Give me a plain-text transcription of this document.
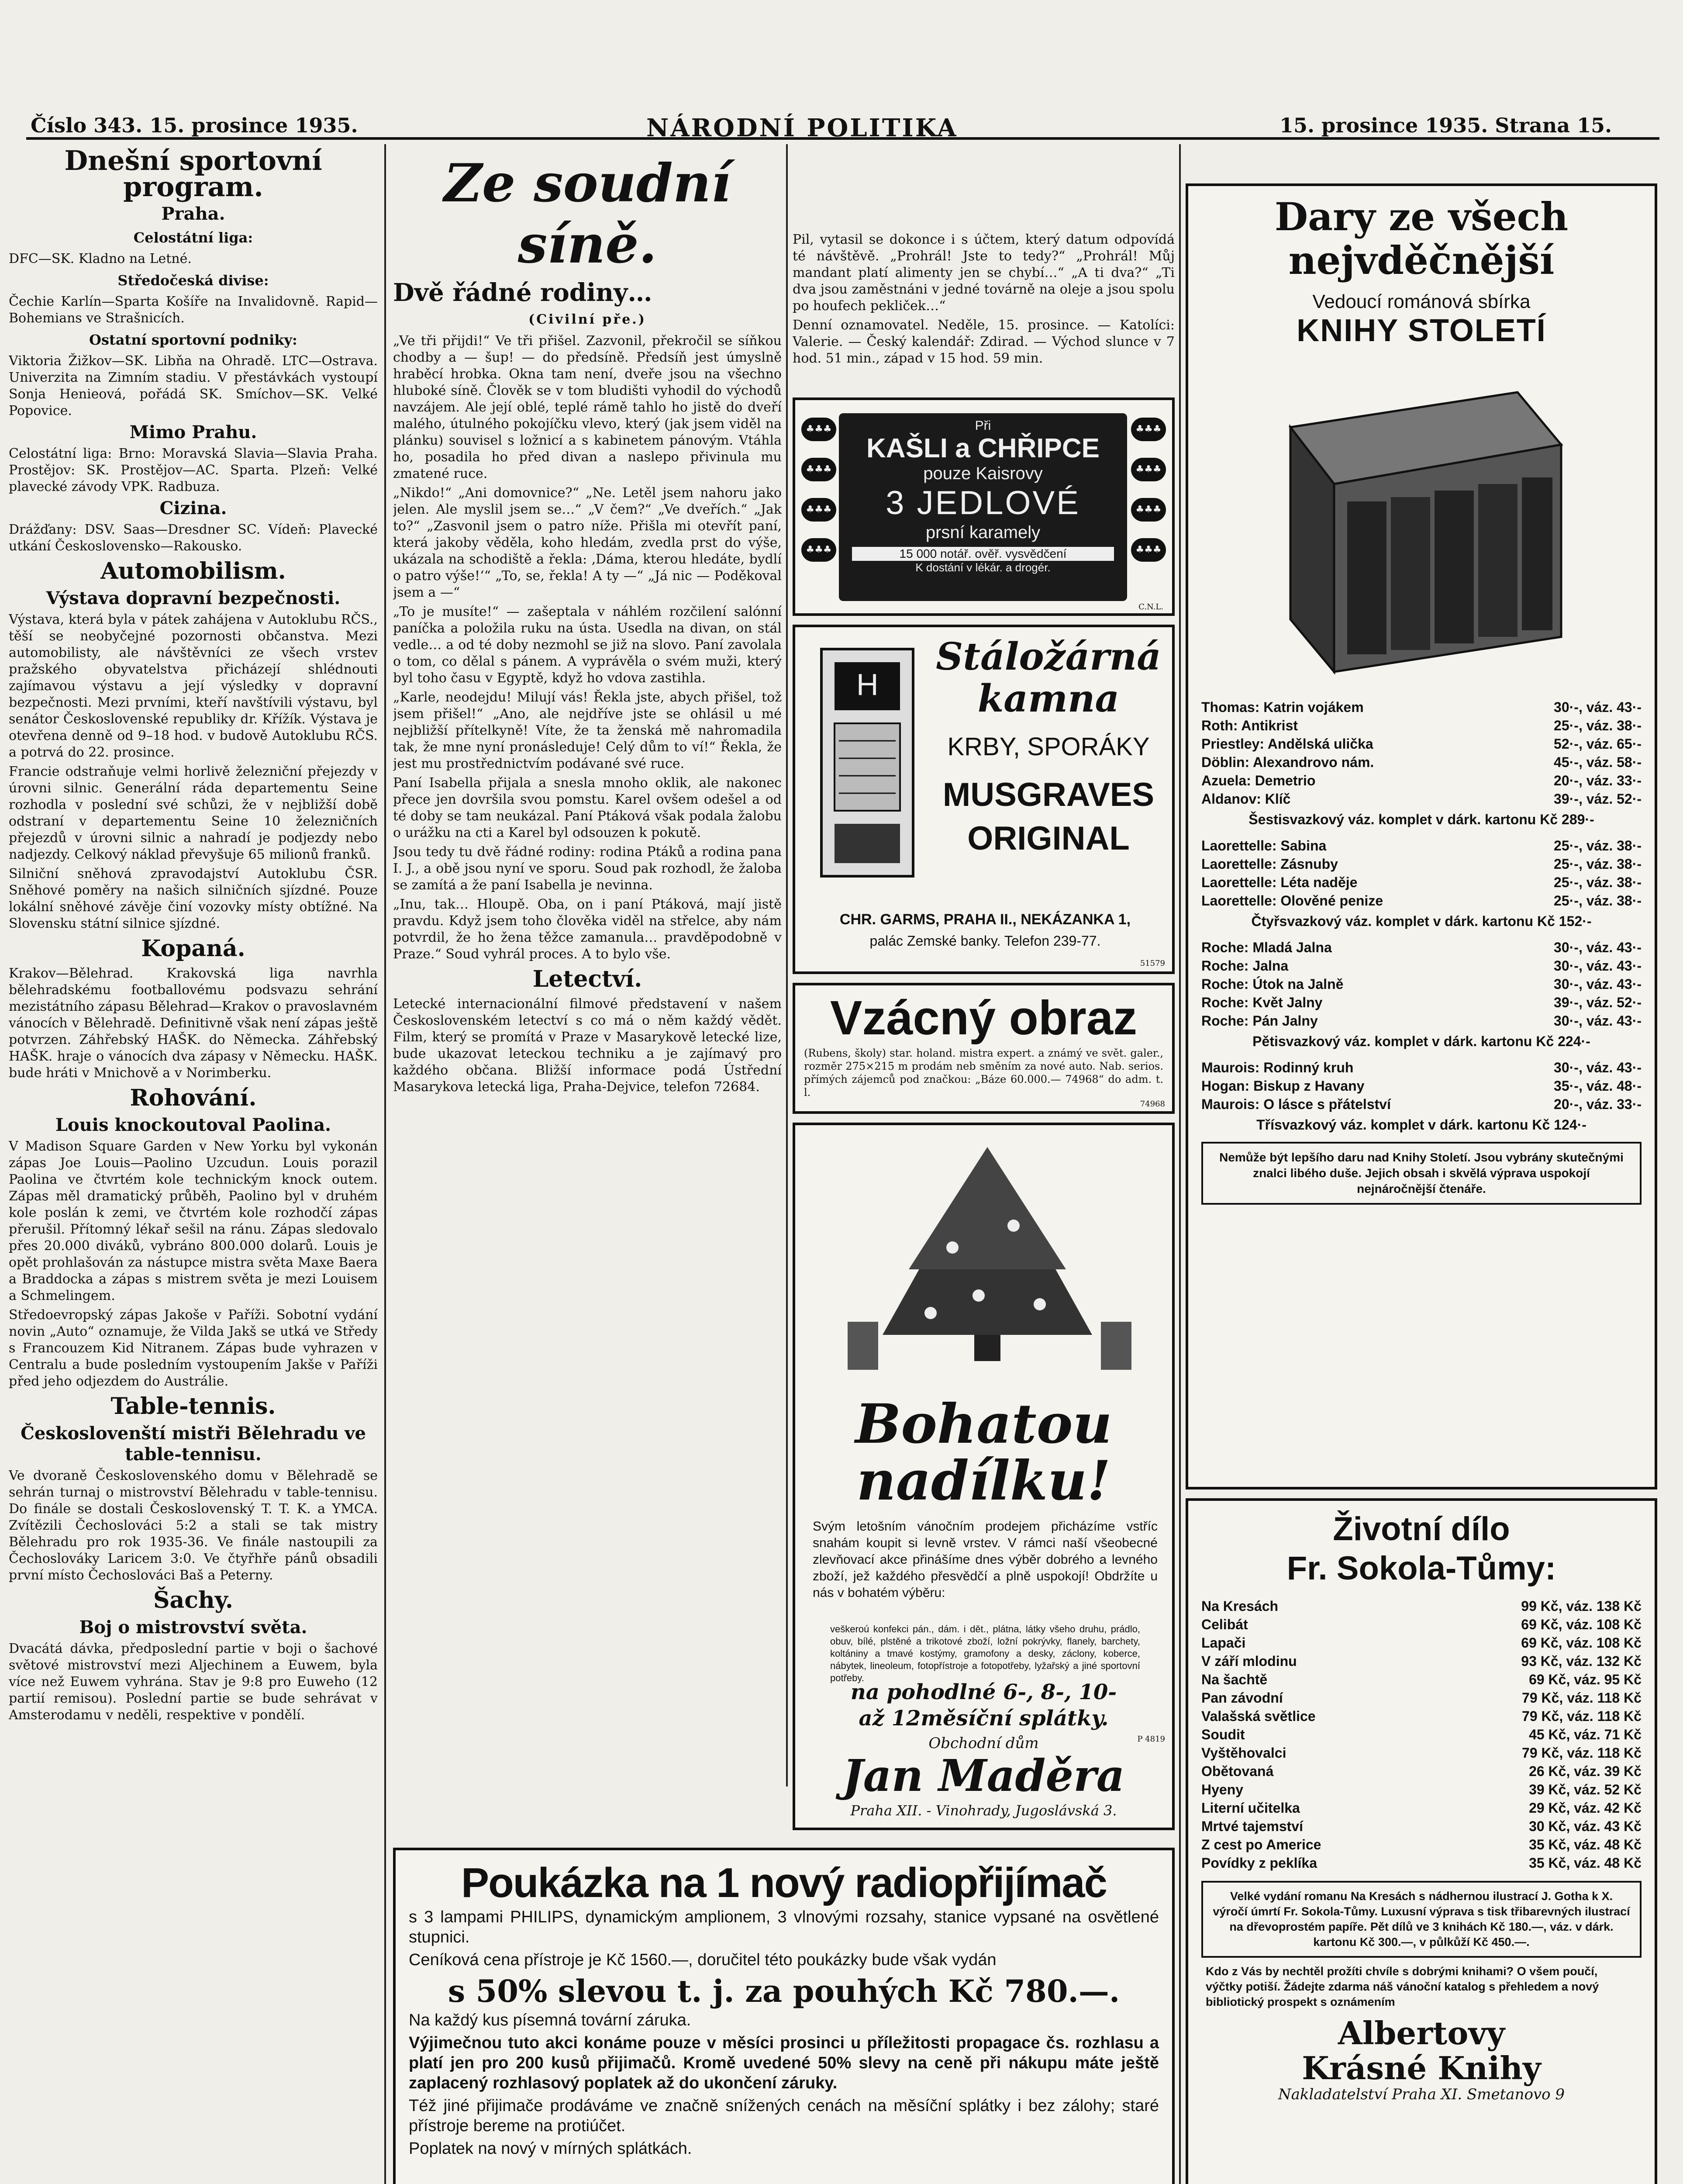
Číslo 343. 15. prosince 1935.	NÁRODNÍ POLITIKA	15. prosince 1935. Strana 15.
Dnešní sportovní program.
Praha.
Celostátní liga:

DFC—SK. Kladno na Letné.

Středočeská divise:

Čechie Karlín—Sparta Košíře na Invalidovně. Rapid—Bohemians ve Strašnicích.

Ostatní sportovní podniky:

Viktoria Žižkov—SK. Libňa na Ohradě. LTC—Ostrava. Univerzita na Zimním stadiu. V přestávkách vystoupí Sonja Henieová, pořádá SK. Smíchov—SK. Velké Popovice.

Mimo Prahu.

Celostátní liga: Brno: Moravská Slavia—Slavia Praha. Prostějov: SK. Prostějov—AC. Sparta. Plzeň: Velké plavecké závody VPK. Radbuza.

Cizina.

Drážďany: DSV. Saas—Dresdner SC. Vídeň: Plavecké utkání Československo—Rakousko.

Automobilism.
Výstava dopravní bezpečnosti.

Výstava, která byla v pátek zahájena v Autoklubu RČS., těší se neobyčejné pozornosti občanstva. Mezi automobilisty, ale návštěvníci ze všech vrstev pražského obyvatelstva přicházejí shlédnouti zajímavou výstavu a její výsledky v dopravní bezpečnosti. Mezi prvními, kteří navštívili výstavu, byl senátor Československé republiky dr. Křížík. Výstava je otevřena denně od 9–18 hod. v budově Autoklubu RČS. a potrvá do 22. prosince.

Francie odstraňuje velmi horlivě železniční přejezdy v úrovni silnic. Generální ráda departementu Seine rozhodla v poslední své schůzi, že v nejbližší době odstraní v departementu Seine 10 železničních přejezdů v úrovni silnic a nahradí je podjezdy nebo nadjezdy. Celkový náklad převyšuje 65 milionů franků.

Silniční sněhová zpravodajství Autoklubu ČSR. Sněhové poměry na našich silničních sjízdné. Pouze lokální sněhové závěje činí vozovky místy obtížné. Na Slovensku státní silnice sjízdné.

Kopaná.

Krakov—Bělehrad. Krakovská liga navrhla bělehradskému footballovému podsvazu sehrání mezistátního zápasu Bělehrad—Krakov o pravoslavném vánocích v Bělehradě. Definitivně však není zápas ještě potvrzen. Záhřebský HAŠK. do Německa. Záhřebský HAŠK. hraje o vánocích dva zápasy v Německu. HAŠK. bude hráti v Mnichově a v Norimberku.

Rohování.
Louis knockoutoval Paolina.

V Madison Square Garden v New Yorku byl vykonán zápas Joe Louis—Paolino Uzcudun. Louis porazil Paolina ve čtvrtém kole technickým knock outem. Zápas měl dramatický průběh, Paolino byl v druhém kole poslán k zemi, ve čtvrtém kole rozhodčí zápas přerušil. Přítomný lékař sešil na ránu. Zápas sledovalo přes 20.000 diváků, vybráno 800.000 dolarů. Louis je opět prohlašován za nástupce mistra světa Maxe Baera a Braddocka a zápas s mistrem světa je mezi Louisem a Schmelingem.

Středoevropský zápas Jakoše v Paříži. Sobotní vydání novin „Auto“ oznamuje, že Vilda Jakš se utká ve Středy s Francouzem Kid Nitranem. Zápas bude vyhrazen v Centralu a bude posledním vystoupením Jakše v Paříži před jeho odjezdem do Austrálie.

Table-tennis.
Českoslovenští mistři Bělehradu ve table-tennisu.

Ve dvoraně Československého domu v Bělehradě se sehrán turnaj o mistrovství Bělehradu v table-tennisu. Do finále se dostali Československý T. T. K. a YMCA. Zvítězili Čechoslováci 5:2 a stali se tak mistry Bělehradu pro rok 1935-36. Ve finále nastoupili za Čechoslováky Laricem 3:0. Ve čtyřhře pánů obsadili první místo Čechoslováci Baš a Peterny.

Šachy.
Boj o mistrovství světa.

Dvacátá dávka, předposlední partie v boji o šachové světové mistrovství mezi Aljechinem a Euwem, byla více než Euwem vyhrána. Stav je 9:8 pro Euweho (12 partií remisou). Poslední partie se bude sehrávat v Amsterodamu v neděli, respektive v pondělí.

Ze soudní síně.
Dvě řádné rodiny…
(Civilní pře.)

„Ve tři přijdi!“ Ve tři přišel. Zazvonil, překročil se síňkou chodby a — šup! — do předsíně. Předsíň jest úmyslně hraběcí hrobka. Okna tam není, dveře jsou na všechno hluboké síně. Člověk se v tom bludišti vyhodil do východů navzájem. Ale její oblé, teplé rámě tahlo ho jistě do dveří malého, útulného pokojíčku vlevo, který (jak jsem viděl na plánku) souvisel s ložnicí a s kabinetem pánovým. Vtáhla ho, posadila ho před divan a naslepo přivinula mu zmatené ruce.

„Nikdo!“ „Ani domovnice?“ „Ne. Letěl jsem nahoru jako jelen. Ale myslil jsem se…“ „V čem?“ „Ve dveřích.“ „Jak to?“ „Zasvonil jsem o patro níže. Přišla mi otevřít paní, která jakoby věděla, koho hledám, zvedla prst do výše, ukázala na schodiště a řekla: ‚Dáma, kterou hledáte, bydlí o patro výše!‘“ „To, se, řekla! A ty —“ „Já nic — Poděkoval jsem a —“

„To je musíte!“ — zašeptala v náhlém rozčilení salónní paníčka a položila ruku na ústa. Usedla na divan, on stál vedle… a od té doby nezmohl se již na slovo. Paní zavolala o tom, co dělal s pánem. A vyprávěla o svém muži, který byl toho času v Egyptě, když ho vdova zastihla.

„Karle, neodejdu! Milují vás! Řekla jste, abych přišel, tož jsem přišel!“ „Ano, ale nejdříve jste se ohlásil u mé nejbližší přítelkyně! Víte, že ta ženská mě nahromadila tak, že mne nyní pronásleduje! Celý dům to ví!“ Řekla, že jest mu prostřednictvím podávané své ruce.

Paní Isabella přijala a snesla mnoho oklik, ale nakonec přece jen dovršila svou pomstu. Karel ovšem odešel a od té doby se tam neukázal. Paní Ptáková však podala žalobu o urážku na cti a Karel byl odsouzen k pokutě.

Jsou tedy tu dvě řádné rodiny: rodina Ptáků a rodina pana I. J., a obě jsou nyní ve sporu. Soud pak rozhodl, že žaloba se zamítá a že paní Isabella je nevinna.

„Inu, tak… Hloupě. Oba, on i paní Ptáková, mají jistě pravdu. Když jsem toho člověka viděl na střelce, aby nám potvrdil, že ho žena těžce zamanula… pravděpodobně v Praze.“ Soud vyhrál proces. A to bylo vše.

Letectví.

Letecké internacionální filmové představení v našem Československém letectví s co má o něm každý vědět. Film, který se promítá v Praze v Masarykově letecké lize, bude ukazovat leteckou techniku a je zajímavý pro každého občana. Bližší informace podá Ústřední Masarykova letecká liga, Praha-Dejvice, telefon 72684.

Pil, vytasil se dokonce i s účtem, který datum odpovídá té návštěvě. „Prohrál! Jste to tedy?“ „Prohrál! Můj mandant platí alimenty jen se chybí…“ „A ti dva?“ „Ti dva jsou zaměstnáni v jedné továrně na oleje a jsou spolu po houfech pekliček…“

Denní oznamovatel. Neděle, 15. prosince. — Katolíci: Valerie. — Český kalendář: Zdirad. — Východ slunce v 7 hod. 51 min., západ v 15 hod. 59 min.

Při
KAŠLI a CHŘIPCE
pouze Kaisrovy
3 JEDLOVÉ
prsní karamely
15 000 notář. ověř. vysvědčení
K dostání v lékár. a drogér.
♣♣♣
♣♣♣
♣♣♣
♣♣♣
♣♣♣
♣♣♣
♣♣♣
♣♣♣
C.N.L.
H
Stáložárná kamna
KRBY, SPORÁKY
MUSGRAVES
ORIGINAL
CHR. GARMS, PRAHA II., NEKÁZANKA 1,
palác Zemské banky. Telefon 239-77.
51579
Vzácný obraz

(Rubens, školy) star. holand. mistra expert. a známý ve svět. galer., rozměr 275×215 m prodám neb směním za nové auto. Nab. serios. přímých zájemců pod značkou: „Báze 60.000.— 74968“ do adm. t. l.

74968
Bohatou
nadílku!
Svým letošním vánočním prodejem přicházíme vstříc snahám koupit si levně vrstev. V rámci naší všeobecné zlevňovací akce přinášíme dnes výběr dobrého a levného zboží, jež každého přesvědčí a plně uspokojí! Obdržíte u nás v bohatém výběru:
veškeroú konfekci pán., dám. i dět., plátna, látky všeho druhu, prádlo, obuv, bílé, plstěné a trikotové zboží, ložní pokrývky, flanely, barchety, koltániny a tmavé kostýmy, gramofony a desky, záclony, koberce, nábytek, lineoleum, fotopřístroje a fotopotřeby, lyžařský a jiné sportovní potřeby.
na pohodlné 6-, 8-, 10-
až 12měsíční splátky.
Obchodní dům
Jan Maděra
Praha XII. - Vinohrady, Jugoslávská 3.
P 4819
Poukázka na 1 nový radiopřijímač

s 3 lampami PHILIPS, dynamickým amplionem, 3 vlnovými rozsahy, stanice vypsané na osvětlené stupnici.

Ceníková cena přístroje je Kč 1560.—, doručitel této poukázky bude však vydán

s 50% slevou t. j. za pouhých Kč 780.—.

Na každý kus písemná tovární záruka.

Výjimečnou tuto akci konáme pouze v měsíci prosinci u příležitosti propagace čs. rozhlasu a platí jen pro 200 kusů přijimačů. Kromě uvedené 50% slevy na ceně při nákupu máte ještě zaplacený rozhlasový poplatek až do ukončení záruky.

Též jiné přijimače prodáváme ve značně snížených cenách na měsíční splátky i bez zálohy; staré přístroje bereme na protiúčet.

Poplatek na nový v mírných splátkách.

Dary ze všech
nejvděčnější
Vedoucí románová sbírka
KNIHY STOLETÍ
Thomas: Katrin vojákem	30·-, váz. 43·-
Roth: Antikrist	25·-, váz. 38·-
Priestley: Andělská ulička	52·-, váz. 65·-
Döblin: Alexandrovo nám.	45·-, váz. 58·-
Azuela: Demetrio	20·-, váz. 33·-
Aldanov: Klíč	39·-, váz. 52·-
Šestisvazkový váz. komplet v dárk. kartonu Kč 289·-
Laorettelle: Sabina	25·-, váz. 38·-
Laorettelle: Zásnuby	25·-, váz. 38·-
Laorettelle: Léta naděje	25·-, váz. 38·-
Laorettelle: Olověné penize	25·-, váz. 38·-
Čtyřsvazkový váz. komplet v dárk. kartonu Kč 152·-
Roche: Mladá Jalna	30·-, váz. 43·-
Roche: Jalna	30·-, váz. 43·-
Roche: Útok na Jalně	30·-, váz. 43·-
Roche: Květ Jalny	39·-, váz. 52·-
Roche: Pán Jalny	30·-, váz. 43·-
Pětisvazkový váz. komplet v dárk. kartonu Kč 224·-
Maurois: Rodinný kruh	30·-, váz. 43·-
Hogan: Biskup z Havany	35·-, váz. 48·-
Maurois: O lásce s přátelství	20·-, váz. 33·-
Třísvazkový váz. komplet v dárk. kartonu Kč 124·-
Nemůže být lepšího daru nad Knihy Století. Jsou vybrány skutečnými znalci libého duše. Jejich obsah i skvělá výprava uspokojí nejnáročnější čtenáře.
Životní dílo
Fr. Sokola-Tůmy:
Na Kresách	99 Kč, váz. 138 Kč
Celibát	69 Kč, váz. 108 Kč
Lapači	69 Kč, váz. 108 Kč
V září mlodinu	93 Kč, váz. 132 Kč
Na šachtě	69 Kč, váz. 95 Kč
Pan závodní	79 Kč, váz. 118 Kč
Valašská světlice	79 Kč, váz. 118 Kč
Soudit	45 Kč, váz. 71 Kč
Vyštěhovalci	79 Kč, váz. 118 Kč
Obětovaná	26 Kč, váz. 39 Kč
Hyeny	39 Kč, váz. 52 Kč
Literní učitelka	29 Kč, váz. 42 Kč
Mrtvé tajemství	30 Kč, váz. 43 Kč
Z cest po Americe	35 Kč, váz. 48 Kč
Povídky z peklíka	35 Kč, váz. 48 Kč
Velké vydání romanu Na Kresách s nádhernou ilustrací J. Gotha k X. výročí úmrtí Fr. Sokola-Tůmy. Luxusní výprava s tisk třibarevných ilustrací na dřevoprostém papíře. Pět dílů ve 3 knihách Kč 180.—, váz. v dárk. kartonu Kč 300.—, v půlkůží Kč 450.—.
Kdo z Vás by nechtěl prožíti chvíle s dobrými knihami? O všem poučí, výčtky potiší. Žádejte zdarma náš vánoční katalog s přehledem a nový bibliotický prospekt s oznámením
Albertovy
Krásné Knihy
Nakladatelství Praha XI. Smetanovo 9
